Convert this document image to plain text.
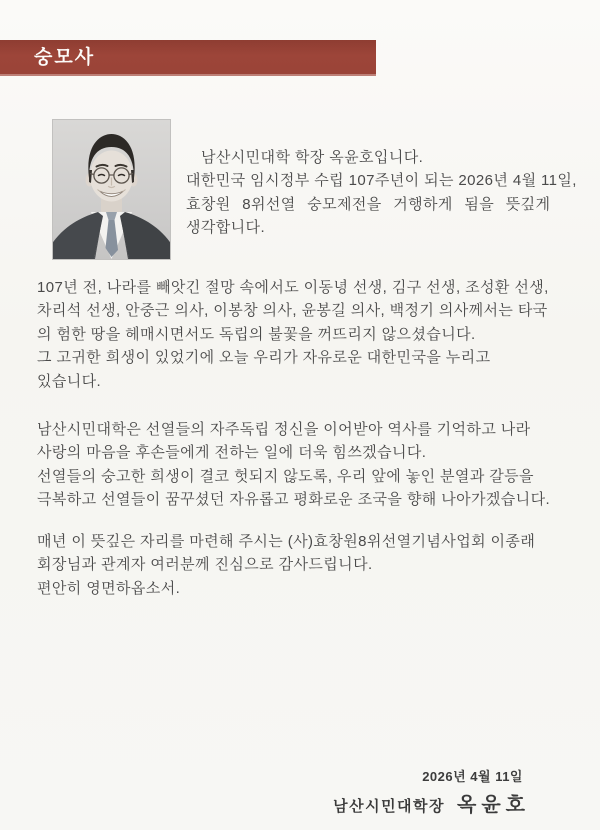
숭모사
남산시민대학 학장 옥윤호입니다.
대한민국 임시정부 수립 107주년이 되는 2026년 4월 11일,
효창원 8위선열 숭모제전을 거행하게 됨을 뜻깊게
생각합니다.
107년 전, 나라를 빼앗긴 절망 속에서도 이동녕 선생, 김구 선생, 조성환 선생,
차리석 선생, 안중근 의사, 이봉창 의사, 윤봉길 의사, 백정기 의사께서는 타국
의 험한 땅을 헤매시면서도 독립의 불꽃을 꺼뜨리지 않으셨습니다.
그 고귀한 희생이 있었기에 오늘 우리가 자유로운 대한민국을 누리고
있습니다.
남산시민대학은 선열들의 자주독립 정신을 이어받아 역사를 기억하고 나라
사랑의 마음을 후손들에게 전하는 일에 더욱 힘쓰겠습니다.
선열들의 숭고한 희생이 결코 헛되지 않도록, 우리 앞에 놓인 분열과 갈등을
극복하고 선열들이 꿈꾸셨던 자유롭고 평화로운 조국을 향해 나아가겠습니다.
매년 이 뜻깊은 자리를 마련해 주시는 (사)효창원8위선열기념사업회 이종래
회장님과 관계자 여러분께 진심으로 감사드립니다.
편안히 영면하옵소서.
2026년 4월 11일
남산시민대학장 옥윤호
